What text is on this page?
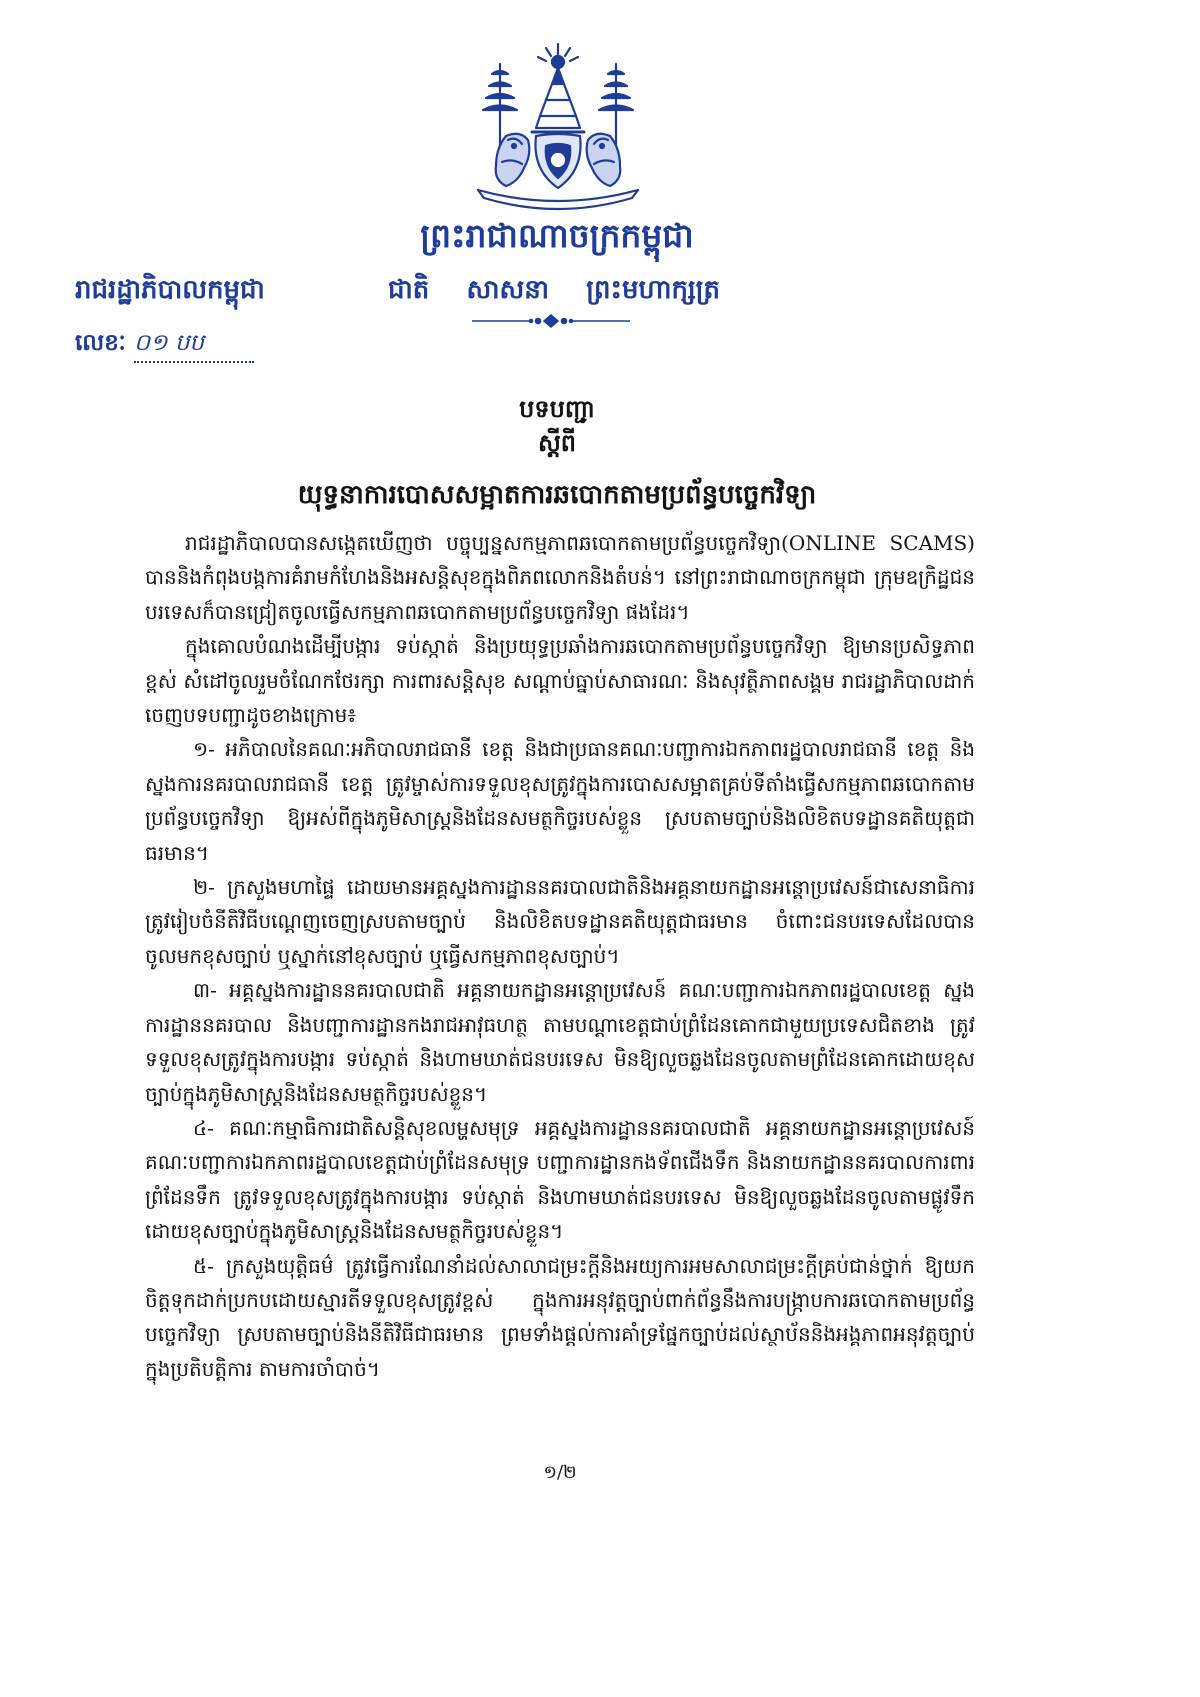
ព្រះរាជាណាចក្រកម្ពុជា
រាជរដ្ឋាភិបាលកម្ពុជា	ជាតិ សាសនា ព្រះមហាក្សត្រ
លេខៈ ០១ បប
បទបញ្ជា
ស្តីពី
យុទ្ធនាការបោសសម្អាតការឆបោកតាមប្រព័ន្ធបច្ចេកវិទ្យា

រាជរដ្ឋាភិបាលបានសង្កេតឃើញថា បច្ចុប្បន្នសកម្មភាពឆបោកតាមប្រព័ន្ធបច្ចេកវិទ្យា(ONLINE SCAMS) បាននិងកំពុងបង្កការគំរាមកំហែងនិងអសន្តិសុខក្នុងពិភពលោកនិងតំបន់។ នៅព្រះរាជាណាចក្រកម្ពុជា ក្រុមឧក្រិដ្ឋជនបរទេសក៏បានជ្រៀតចូលធ្វើសកម្មភាពឆបោកតាមប្រព័ន្ធបច្ចេកវិទ្យា ផងដែរ។

ក្នុងគោលបំណងដើម្បីបង្ការ ទប់ស្កាត់ និងប្រយុទ្ធប្រឆាំងការឆបោកតាមប្រព័ន្ធបច្ចេកវិទ្យា ឱ្យមានប្រសិទ្ធភាពខ្ពស់ សំដៅចូលរួមចំណែកថែរក្សា ការពារសន្តិសុខ សណ្តាប់ធ្នាប់សាធារណៈ និងសុវត្ថិភាពសង្គម រាជរដ្ឋាភិបាលដាក់ចេញបទបញ្ជាដូចខាងក្រោម៖

១- អភិបាលនៃគណៈអភិបាលរាជធានី ខេត្ត និងជាប្រធានគណៈបញ្ជាការឯកភាពរដ្ឋបាលរាជធានី ខេត្ត និងស្នងការនគរបាលរាជធានី ខេត្ត ត្រូវម្ចាស់ការទទួលខុសត្រូវក្នុងការបោសសម្អាតគ្រប់ទីតាំងធ្វើសកម្មភាពឆបោកតាមប្រព័ន្ធបច្ចេកវិទ្យា ឱ្យអស់ពីក្នុងភូមិសាស្ត្រនិងដែនសមត្ថកិច្ចរបស់ខ្លួន ស្របតាមច្បាប់និងលិខិតបទដ្ឋានគតិយុត្តជាធរមាន។

២- ក្រសួងមហាផ្ទៃ ដោយមានអគ្គស្នងការដ្ឋាននគរបាលជាតិនិងអគ្គនាយកដ្ឋានអន្តោប្រវេសន៍ជាសេនាធិការ ត្រូវរៀបចំនីតិវិធីបណ្តេញចេញស្របតាមច្បាប់ និងលិខិតបទដ្ឋានគតិយុត្តជាធរមាន ចំពោះជនបរទេសដែលបានចូលមកខុសច្បាប់ ឬស្នាក់នៅខុសច្បាប់ ឬធ្វើសកម្មភាពខុសច្បាប់។

៣- អគ្គស្នងការដ្ឋាននគរបាលជាតិ អគ្គនាយកដ្ឋានអន្តោប្រវេសន៍ គណៈបញ្ជាការឯកភាពរដ្ឋបាលខេត្ត ស្នងការដ្ឋាននគរបាល និងបញ្ជាការដ្ឋានកងរាជអាវុធហត្ថ តាមបណ្តាខេត្តជាប់ព្រំដែនគោកជាមួយប្រទេសជិតខាង ត្រូវទទួលខុសត្រូវក្នុងការបង្ការ ទប់ស្កាត់ និងហាមឃាត់ជនបរទេស មិនឱ្យលួចឆ្លងដែនចូលតាមព្រំដែនគោកដោយខុសច្បាប់ក្នុងភូមិសាស្ត្រនិងដែនសមត្ថកិច្ចរបស់ខ្លួន។

៤- គណៈកម្មាធិការជាតិសន្តិសុខលម្ហសមុទ្រ អគ្គស្នងការដ្ឋាននគរបាលជាតិ អគ្គនាយកដ្ឋានអន្តោប្រវេសន៍ គណៈបញ្ជាការឯកភាពរដ្ឋបាលខេត្តជាប់ព្រំដែនសមុទ្រ បញ្ជាការដ្ឋានកងទ័ពជើងទឹក និងនាយកដ្ឋាននគរបាលការពារព្រំដែនទឹក ត្រូវទទួលខុសត្រូវក្នុងការបង្ការ ទប់ស្កាត់ និងហាមឃាត់ជនបរទេស មិនឱ្យលួចឆ្លងដែនចូលតាមផ្លូវទឹកដោយខុសច្បាប់ក្នុងភូមិសាស្ត្រនិងដែនសមត្ថកិច្ចរបស់ខ្លួន។

៥- ក្រសួងយុត្តិធម៌ ត្រូវធ្វើការណែនាំដល់សាលាជម្រះក្តីនិងអយ្យការអមសាលាជម្រះក្តីគ្រប់ជាន់ថ្នាក់ ឱ្យយកចិត្តទុកដាក់ប្រកបដោយស្មារតីទទួលខុសត្រូវខ្ពស់ ក្នុងការអនុវត្តច្បាប់ពាក់ព័ន្ធនឹងការបង្ក្រាបការឆបោកតាមប្រព័ន្ធបច្ចេកវិទ្យា ស្របតាមច្បាប់និងនីតិវិធីជាធរមាន ព្រមទាំងផ្តល់ការគាំទ្រផ្នែកច្បាប់ដល់ស្ថាប័ននិងអង្គភាពអនុវត្តច្បាប់ក្នុងប្រតិបត្តិការ តាមការចាំបាច់។

១/២
